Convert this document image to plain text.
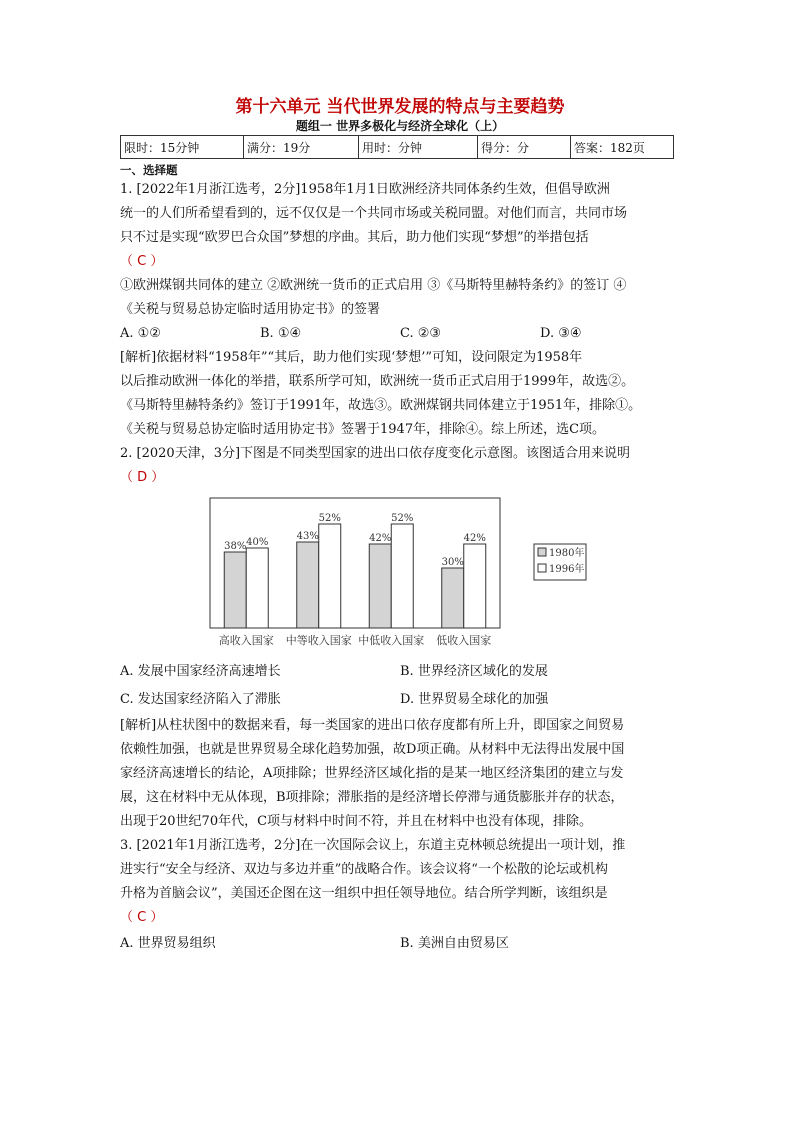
第十六单元 当代世界发展的特点与主要趋势
题组一 世界多极化与经济全球化（上）
限时：15分钟	满分：19分	用时：分钟	得分：分	答案：182页
一、选择题

1. [2022年1月浙江选考，2分]1958年1月1日欧洲经济共同体条约生效，但倡导欧洲

统一的人们所希望看到的，远不仅仅是一个共同市场或关税同盟。对他们而言，共同市场

只不过是实现“欧罗巴合众国”梦想的序曲。其后，助力他们实现“梦想”的举措包括

（ C ）

①欧洲煤钢共同体的建立 ②欧洲统一货币的正式启用 ③《马斯特里赫特条约》的签订 ④

《关税与贸易总协定临时适用协定书》的签署

A. ①②	B. ①④	C. ②③	D. ③④

[解析]依据材料“1958年”“其后，助力他们实现‘梦想’”可知，设问限定为1958年

以后推动欧洲一体化的举措，联系所学可知，欧洲统一货币正式启用于1999年，故选②。

《马斯特里赫特条约》签订于1991年，故选③。欧洲煤钢共同体建立于1951年，排除①。

《关税与贸易总协定临时适用协定书》签署于1947年，排除④。综上所述，选C项。

2. [2020天津，3分]下图是不同类型国家的进出口依存度变化示意图。该图适合用来说明

（ D ）

38% 40%
高收入国家
43%
52%
中等收入国家
42%
52%
中低收入国家
30%
42%
低收入国家
1980年
1996年
A. 发展中国家经济高速增长	B. 世界经济区域化的发展
C. 发达国家经济陷入了滞胀	D. 世界贸易全球化的加强

[解析]从柱状图中的数据来看，每一类国家的进出口依存度都有所上升，即国家之间贸易

依赖性加强，也就是世界贸易全球化趋势加强，故D项正确。从材料中无法得出发展中国

家经济高速增长的结论，A项排除；世界经济区域化指的是某一地区经济集团的建立与发

展，这在材料中无从体现，B项排除；滞胀指的是经济增长停滞与通货膨胀并存的状态，

出现于20世纪70年代，C项与材料中时间不符，并且在材料中也没有体现，排除。

3. [2021年1月浙江选考，2分]在一次国际会议上，东道主克林顿总统提出一项计划，推

进实行“安全与经济、双边与多边并重”的战略合作。该会议将“一个松散的论坛或机构

升格为首脑会议”，美国还企图在这一组织中担任领导地位。结合所学判断，该组织是

（ C ）

A. 世界贸易组织	B. 美洲自由贸易区
